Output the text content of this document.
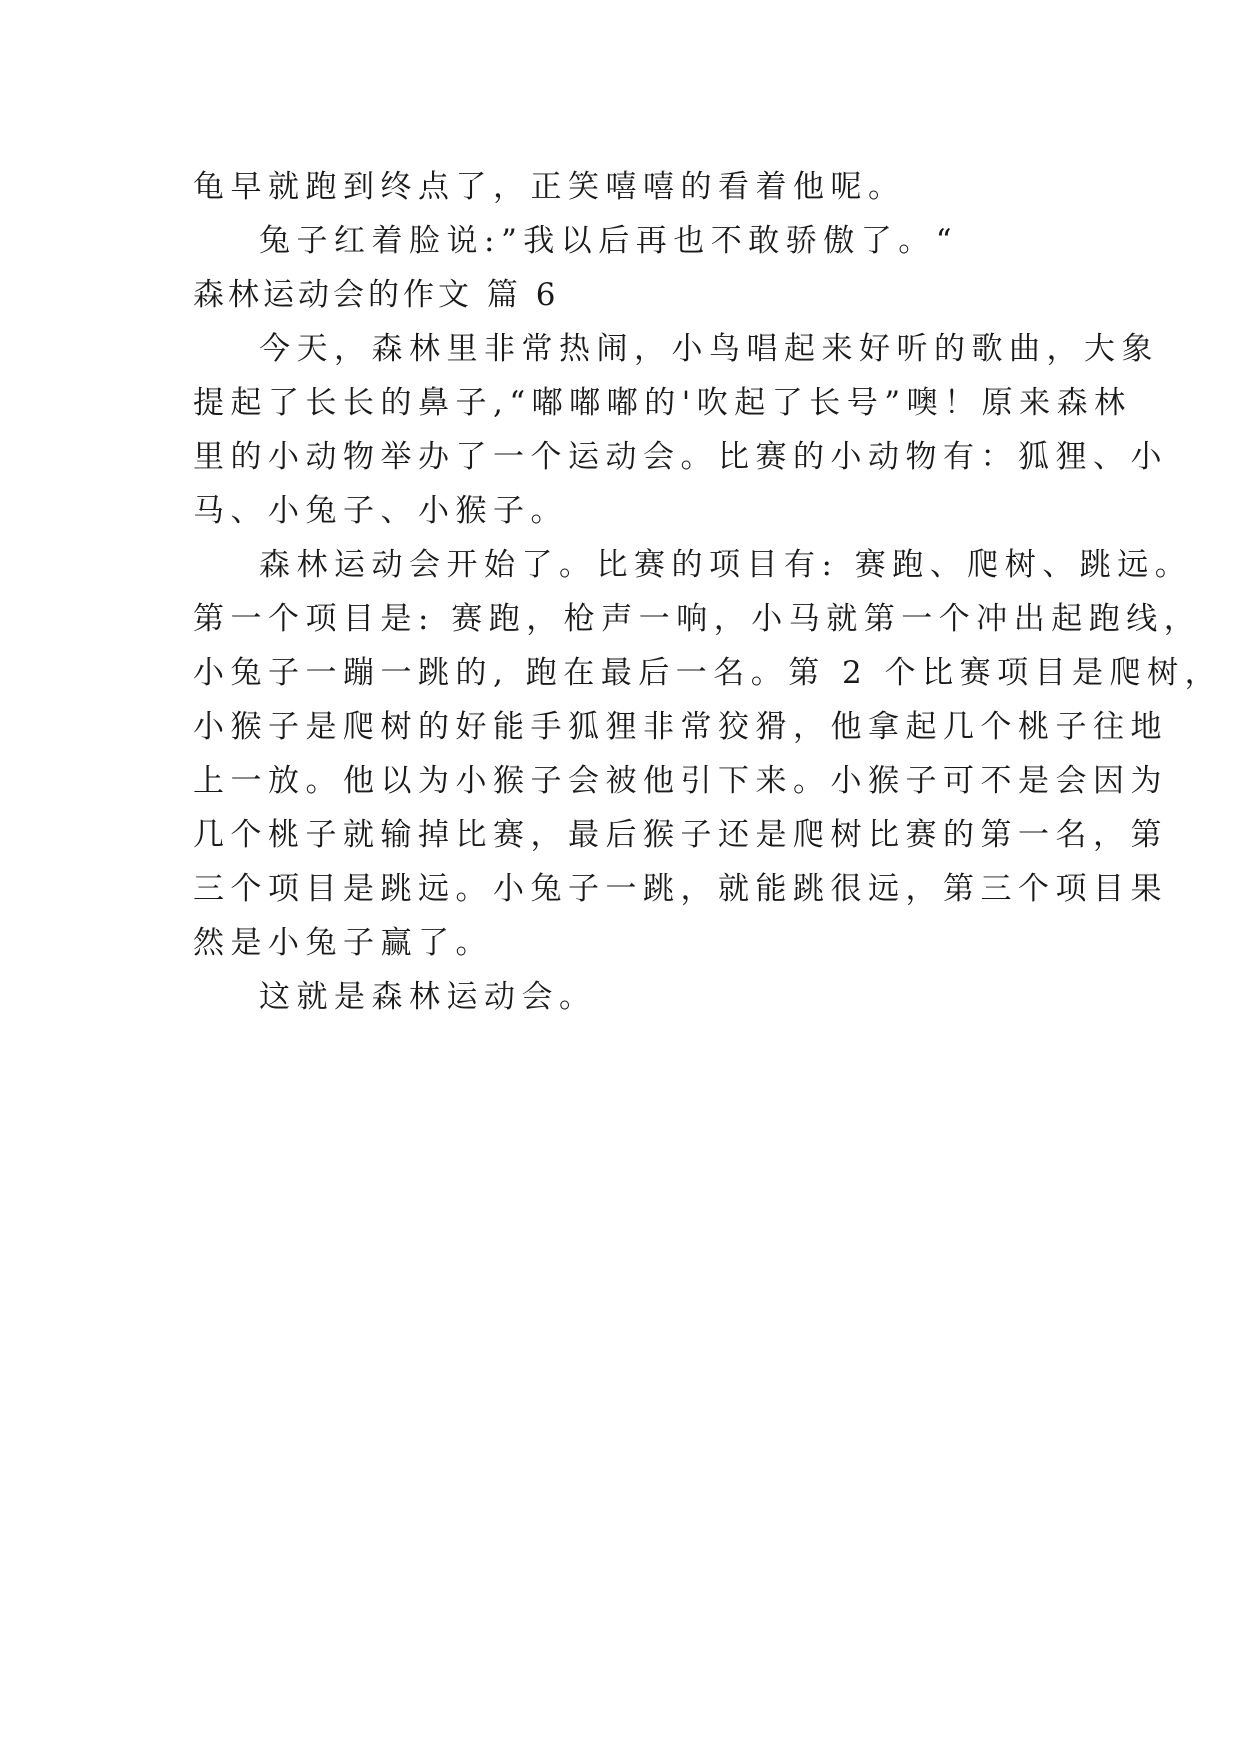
龟早就跑到终点了，正笑嘻嘻的看着他呢。

兔子红着脸说:”我以后再也不敢骄傲了。“

森林运动会的作文 篇 6

今天，森林里非常热闹，小鸟唱起来好听的歌曲，大象

提起了长长的鼻子,“嘟嘟嘟的'吹起了长号”噢！原来森林

里的小动物举办了一个运动会。比赛的小动物有：狐狸、小

马、小兔子、小猴子。

森林运动会开始了。比赛的项目有: 赛跑、爬树、跳远。

第一个项目是: 赛跑，枪声一响，小马就第一个冲出起跑线，

小兔子一蹦一跳的, 跑在最后一名。第 2 个比赛项目是爬树，

小猴子是爬树的好能手狐狸非常狡猾，他拿起几个桃子往地

上一放。他以为小猴子会被他引下来。小猴子可不是会因为

几个桃子就输掉比赛，最后猴子还是爬树比赛的第一名，第

三个项目是跳远。小兔子一跳，就能跳很远，第三个项目果

然是小兔子赢了。

这就是森林运动会。
